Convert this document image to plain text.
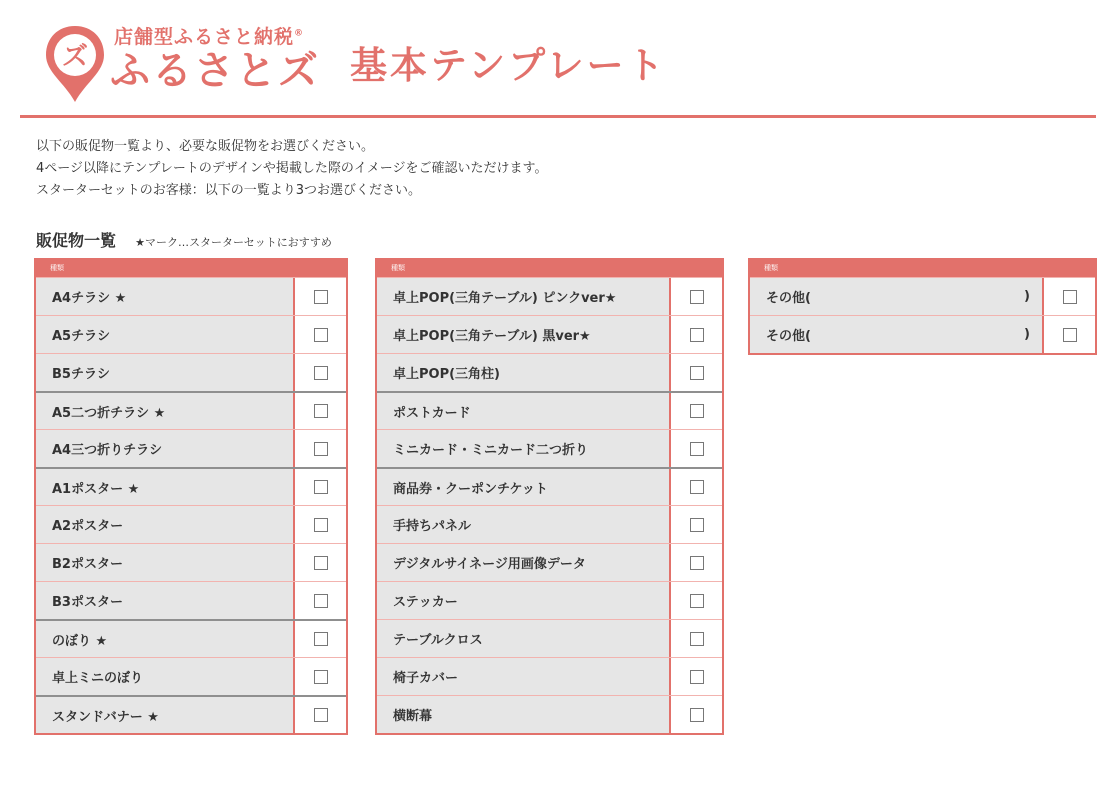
ズ
店舗型ふるさと納税®
ふるさとズ 基本テンプレート
以下の販促物一覧より、必要な販促物をお選びください。
4ページ以降にテンプレートのデザインや掲載した際のイメージをご確認いただけます。
スターターセットのお客様：以下の一覧より3つお選びください。
販促物一覧 ★マーク…スターターセットにおすすめ
種類
A4チラシ ★
A5チラシ
B5チラシ
A5二つ折チラシ ★
A4三つ折りチラシ
A1ポスター ★
A2ポスター
B2ポスター
B3ポスター
のぼり ★
卓上ミニのぼり
スタンドバナー ★
種類
卓上POP(三角テーブル) ピンクver★
卓上POP(三角テーブル) 黒ver★
卓上POP(三角柱)
ポストカード
ミニカード・ミニカード二つ折り
商品券・クーポンチケット
手持ちパネル
デジタルサイネージ用画像データ
ステッカー
テーブルクロス
椅子カバー
横断幕
種類
その他(	)
その他(	)
